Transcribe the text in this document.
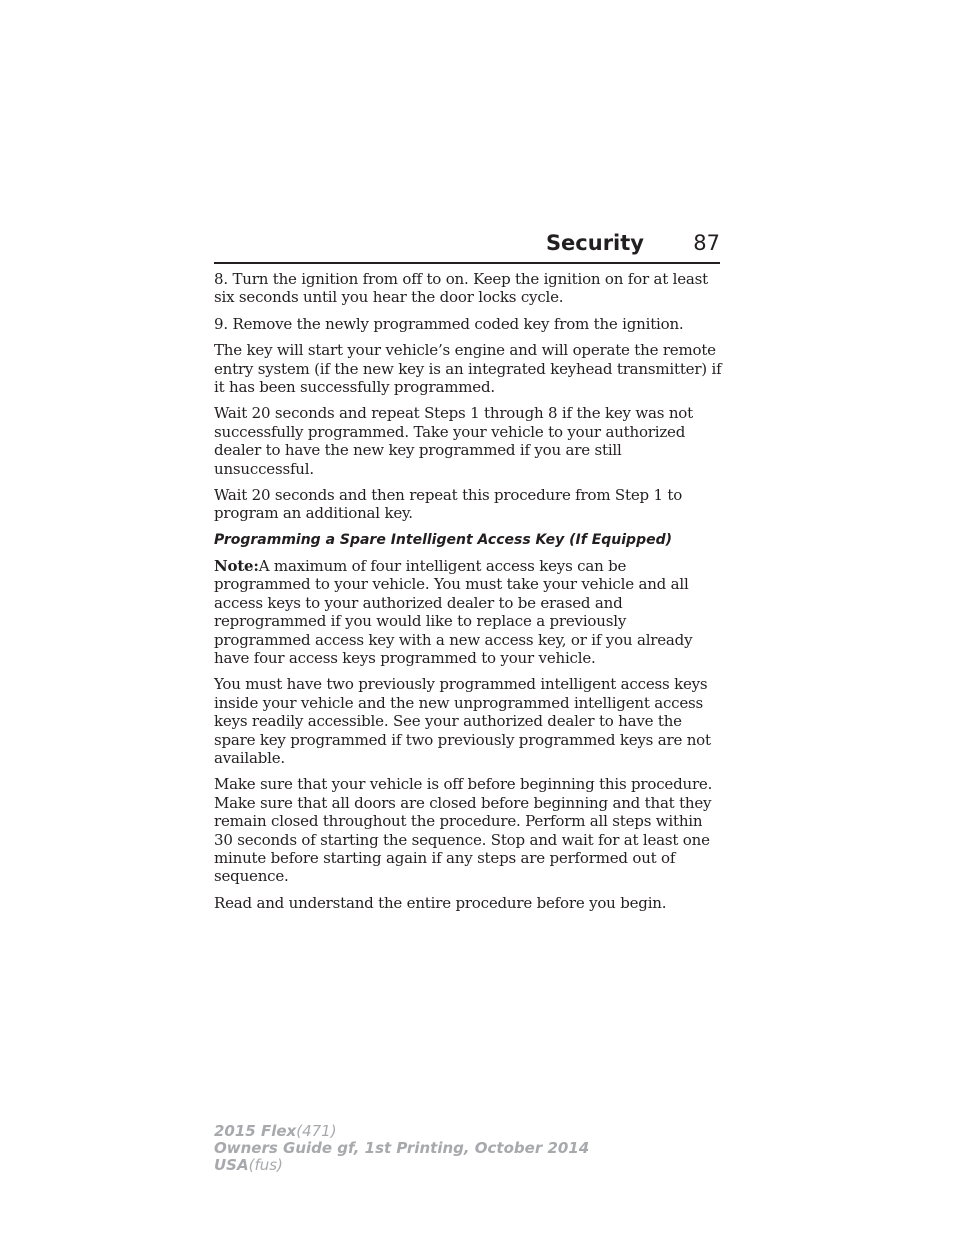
Security 87

8. Turn the ignition from off to on. Keep the ignition on for at least six seconds until you hear the door locks cycle.

9. Remove the newly programmed coded key from the ignition.

The key will start your vehicle’s engine and will operate the remote entry system (if the new key is an integrated keyhead transmitter) if it has been successfully programmed.

Wait 20 seconds and repeat Steps 1 through 8 if the key was not successfully programmed. Take your vehicle to your authorized dealer to have the new key programmed if you are still unsuccessful.

Wait 20 seconds and then repeat this procedure from Step 1 to program an additional key.

Programming a Spare Intelligent Access Key (If Equipped)

Note:A maximum of four intelligent access keys can be programmed to your vehicle. You must take your vehicle and all access keys to your authorized dealer to be erased and reprogrammed if you would like to replace a previously programmed access key with a new access key, or if you already have four access keys programmed to your vehicle.

You must have two previously programmed intelligent access keys inside your vehicle and the new unprogrammed intelligent access keys readily accessible. See your authorized dealer to have the spare key programmed if two previously programmed keys are not available.

Make sure that your vehicle is off before beginning this procedure. Make sure that all doors are closed before beginning and that they remain closed throughout the procedure. Perform all steps within 30 seconds of starting the sequence. Stop and wait for at least one minute before starting again if any steps are performed out of sequence.

Read and understand the entire procedure before you begin.

2015 Flex(471)
Owners Guide gf, 1st Printing, October 2014
USA(fus)
